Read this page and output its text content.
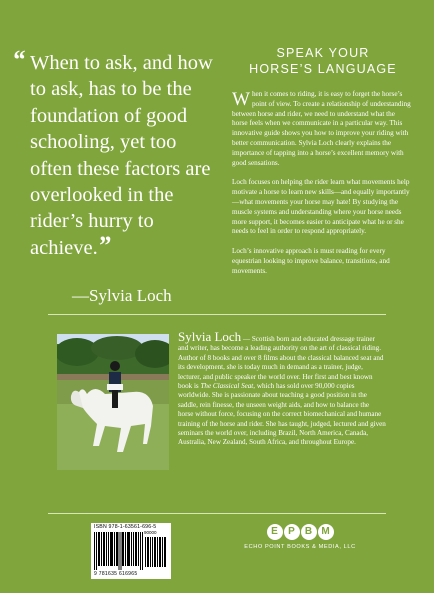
“ When to ask, and how to ask, has to be the foundation of good schooling, yet too often these factors are overlooked in the rider’s hurry to achieve.”
—Sylvia Loch
SPEAK YOUR
HORSE’S LANGUAGE

When it comes to riding, it is easy to forget the horse’s point of view. To create a relationship of understanding between horse and rider, we need to understand what the horse feels when we communicate in a particular way. This innovative guide shows you how to improve your riding with better communication. Sylvia Loch clearly explains the importance of tapping into a horse’s excellent memory with good sensations.

Loch focuses on helping the rider learn what movements help motivate a horse to learn new skills—and equally importantly—what movements your horse may hate! By studying the muscle systems and understanding where your horse needs more support, it becomes easier to anticipate what he or she needs to feel in order to respond appropriately.

Loch’s innovative approach is must reading for every equestrian looking to improve balance, transitions, and movements.

Sylvia Loch — Scottish born and educated dressage trainer and writer, has become a leading authority on the art of classical riding. Author of 8 books and over 8 films about the classical balanced seat and its development, she is today much in demand as a trainer, judge, lecturer, and public speaker the world over. Her first and best known book is The Classical Seat, which has sold over 90,000 copies worldwide. She is passionate about teaching a good position in the saddle, rein finesse, the unseen weight aids, and how to balance the horse without force, focusing on the correct biomechanical and humane training of the horse and rider. She has taught, judged, lectured and given seminars the world over, including Brazil, North America, Canada, Australia, New Zealand, South Africa, and throughout Europe.

ISBN 978-1-63561-696-5
90000
9 781635 616965
E	P	B M
ECHO POINT BOOKS & MEDIA, LLC
